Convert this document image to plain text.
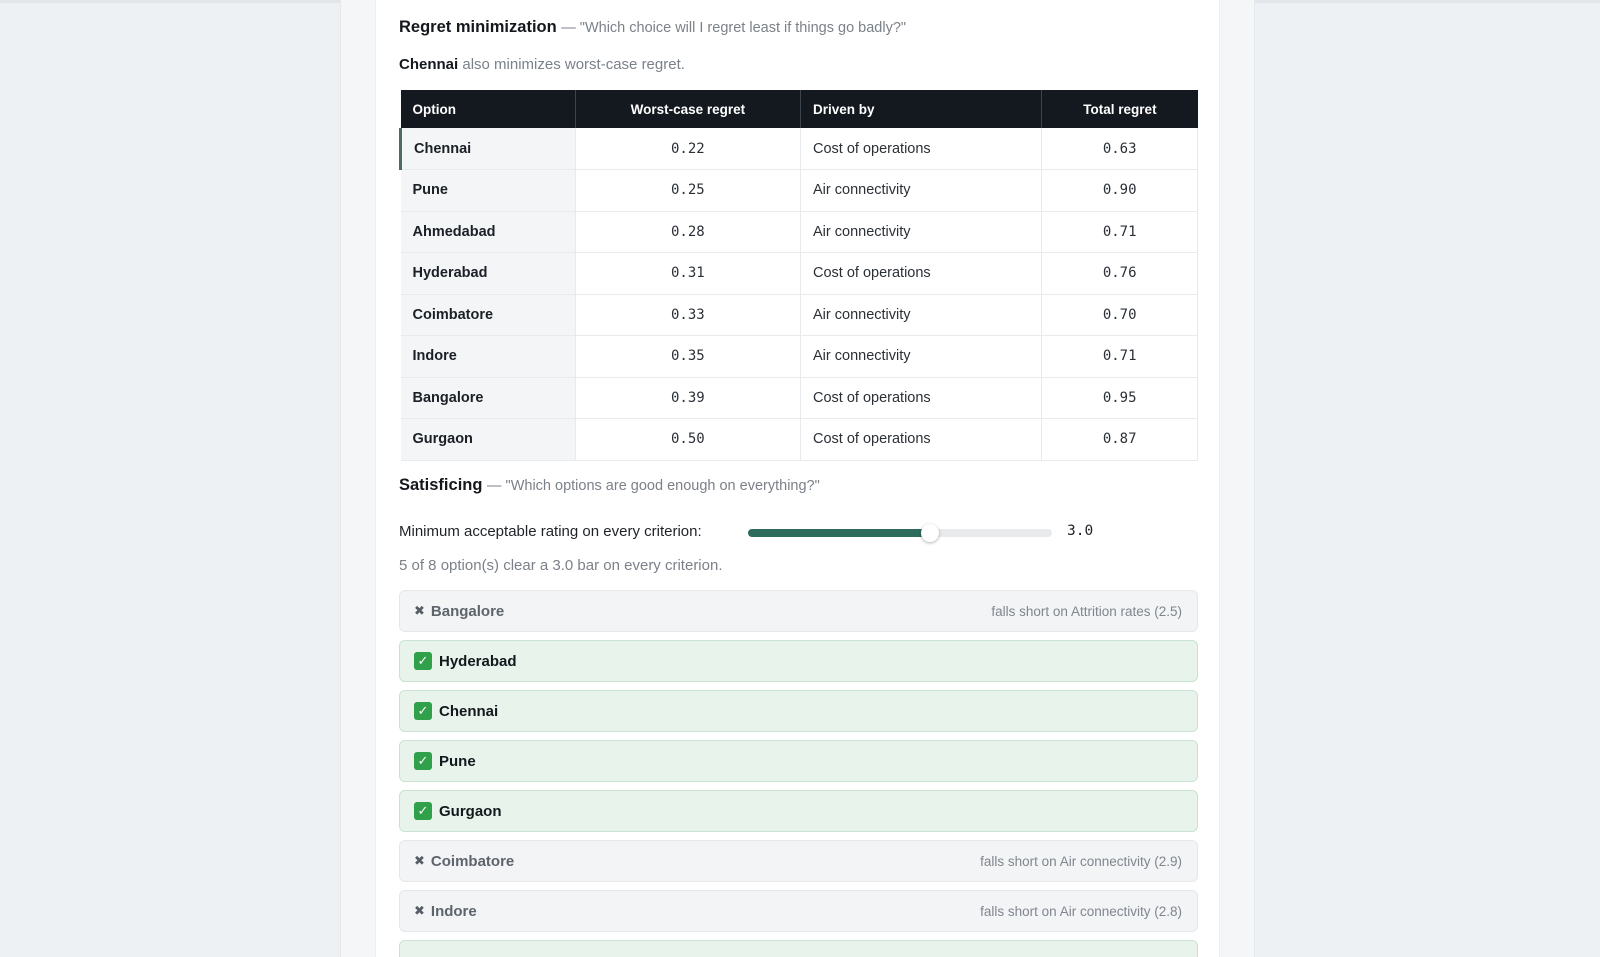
Regret minimization — "Which choice will I regret least if things go badly?"
Chennai also minimizes worst-case regret.
Option	Worst-case regret	Driven by	Total regret
Chennai	0.22	Cost of operations	0.63
Pune	0.25	Air connectivity	0.90
Ahmedabad	0.28	Air connectivity	0.71
Hyderabad	0.31	Cost of operations	0.76
Coimbatore	0.33	Air connectivity	0.70
Indore	0.35	Air connectivity	0.71
Bangalore	0.39	Cost of operations	0.95
Gurgaon	0.50	Cost of operations	0.87
Satisficing — "Which options are good enough on everything?"
Minimum acceptable rating on every criterion:	3.0
5 of 8 option(s) clear a 3.0 bar on every criterion.
✖ Bangalore	falls short on Attrition rates (2.5)
✓ Hyderabad
✓ Chennai
✓ Pune
✓ Gurgaon
✖ Coimbatore	falls short on Air connectivity (2.9)
✖ Indore	falls short on Air connectivity (2.8)
